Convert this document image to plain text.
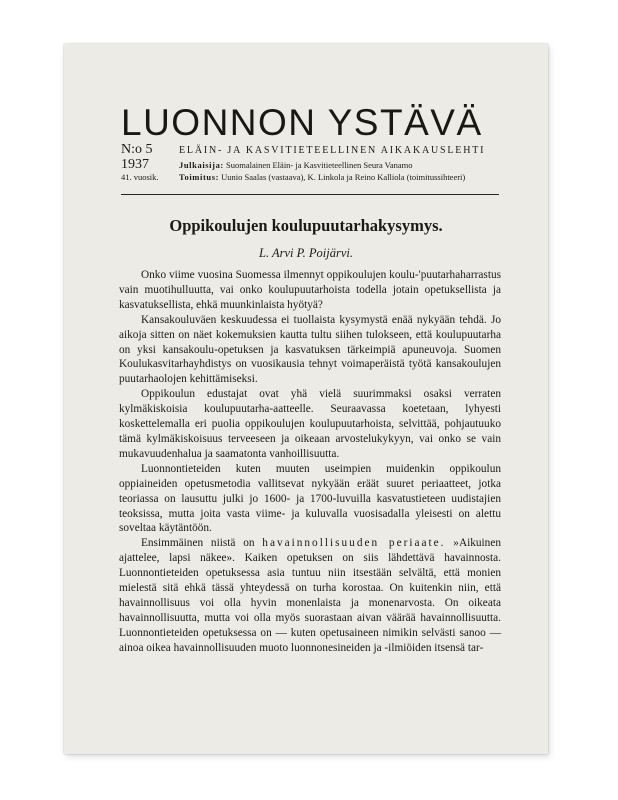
LUONNON YSTÄVÄ
N:o 5	ELÄIN- JA KASVITIETEELLINEN AIKAKAUSLEHTI
1937	Julkaisija: Suomalainen Eläin- ja Kasvitieteellinen Seura Vanamo
41. vuosik.	Toimitus: Uunio Saalas (vastaava), K. Linkola ja Reino Kalliola (toimitussihteeri)
Oppikoulujen koulupuutarhakysymys.
L. Arvi P. Poijärvi.

Onko viime vuosina Suomessa ilmennyt oppikoulujen koulu-'puutarhaharrastus vain muotihulluutta, vai onko koulupuutarhoista todella jotain opetuksellista ja kasvatuksellista, ehkä muunkinlaista hyötyä?

Kansakouluväen keskuudessa ei tuollaista kysymystä enää nykyään tehdä. Jo aikoja sitten on näet kokemuksien kautta tultu siihen tulokseen, että koulupuutarha on yksi kansakoulu-opetuksen ja kasvatuksen tärkeimpiä apuneuvoja. Suomen Koulukasvitarhayhdistys on vuosikausia tehnyt voimaperäistä työtä kansakoulujen puutarhaolojen kehittämiseksi.

Oppikoulun edustajat ovat yhä vielä suurimmaksi osaksi verraten kylmäkiskoisia koulupuutarha-aattеelle. Seuraavassa koetetaan, lyhyesti koskettelemalla eri puolia oppikoulujen koulupuutarhoista, selvittää, pohjautuuko tämä kylmäkiskoisuus terveeseen ja oikeaan arvostelukykyyn, vai onko se vain mukavuudenhalua ja saamatonta vanhoillisuutta.

Luonnontieteiden kuten muuten useimpien muidenkin oppikoulun oppiaineiden opetusmetodia vallitsevat nykyään eräät suuret periaatteet, jotka teoriassa on lausuttu julki jo 1600- ja 1700-luvuilla kasvatustieteen uudistajien teoksissa, mutta joita vasta viime- ja kuluvalla vuosisadalla yleisesti on alettu soveltaa käytäntöön.

Ensimmäinen niistä on havainnollisuuden periaate. »Aikuinen ajattelee, lapsi näkee». Kaiken opetuksen on siis lähdettävä havainnosta. Luonnontieteiden opetuksessa asia tuntuu niin itsestään selvältä, että monien mielestä sitä ehkä tässä yhteydessä on turha korostaa. On kuitenkin niin, että havainnollisuus voi olla hyvin monenlaista ja monenarvosta. On oikeata havainnollisuutta, mutta voi olla myös suorastaan aivan väärää havainnollisuutta. Luonnontieteiden opetuksessa on — kuten opetusaineen nimikin selvästi sanoo — ainoa oikea havainnollisuuden muoto luonnonesineiden ja -ilmiöiden itsensä tar-
